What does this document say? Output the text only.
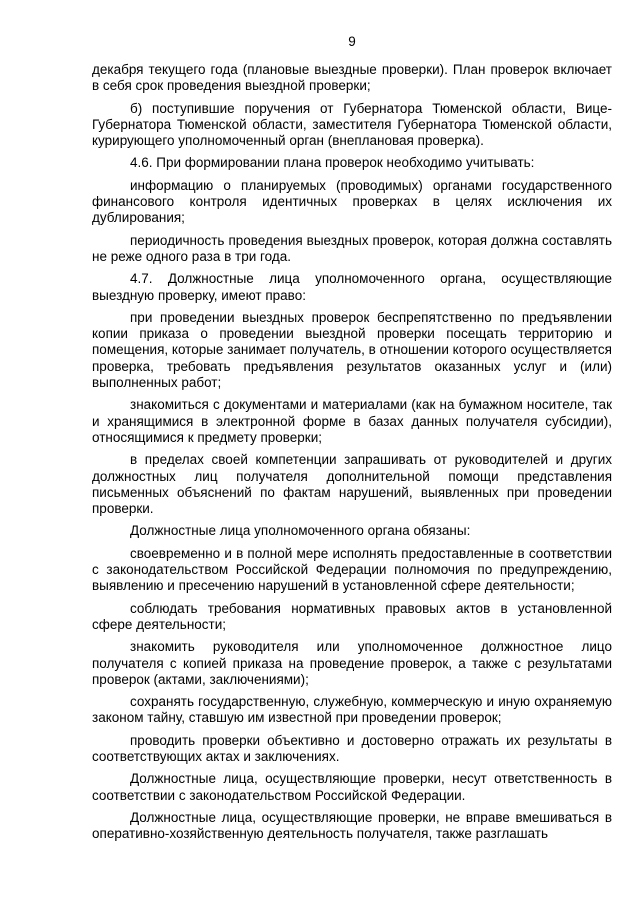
9

декабря текущего года (плановые выездные проверки). План проверок включает в себя срок проведения выездной проверки;

б) поступившие поручения от Губернатора Тюменской области, Вице-Губернатора Тюменской области, заместителя Губернатора Тюменской области, курирующего уполномоченный орган (внеплановая проверка).

4.6. При формировании плана проверок необходимо учитывать:

информацию о планируемых (проводимых) органами государственного финансового контроля идентичных проверках в целях исключения их дублирования;

периодичность проведения выездных проверок, которая должна составлять не реже одного раза в три года.

4.7. Должностные лица уполномоченного органа, осуществляющие выездную проверку, имеют право:

при проведении выездных проверок беспрепятственно по предъявлении копии приказа о проведении выездной проверки посещать территорию и помещения, которые занимает получатель, в отношении которого осуществляется проверка, требовать предъявления результатов оказанных услуг и (или) выполненных работ;

знакомиться с документами и материалами (как на бумажном носителе, так и хранящимися в электронной форме в базах данных получателя субсидии), относящимися к предмету проверки;

в пределах своей компетенции запрашивать от руководителей и других должностных лиц получателя дополнительной помощи представления письменных объяснений по фактам нарушений, выявленных при проведении проверки.

Должностные лица уполномоченного органа обязаны:

своевременно и в полной мере исполнять предоставленные в соответствии с законодательством Российской Федерации полномочия по предупреждению, выявлению и пресечению нарушений в установленной сфере деятельности;

соблюдать требования нормативных правовых актов в установленной сфере деятельности;

знакомить руководителя или уполномоченное должностное лицо получателя с копией приказа на проведение проверок, а также с результатами проверок (актами, заключениями);

сохранять государственную, служебную, коммерческую и иную охраняемую законом тайну, ставшую им известной при проведении проверок;

проводить проверки объективно и достоверно отражать их результаты в соответствующих актах и заключениях.

Должностные лица, осуществляющие проверки, несут ответственность в соответствии с законодательством Российской Федерации.

Должностные лица, осуществляющие проверки, не вправе вмешиваться в оперативно-хозяйственную деятельность получателя, также разглашать
